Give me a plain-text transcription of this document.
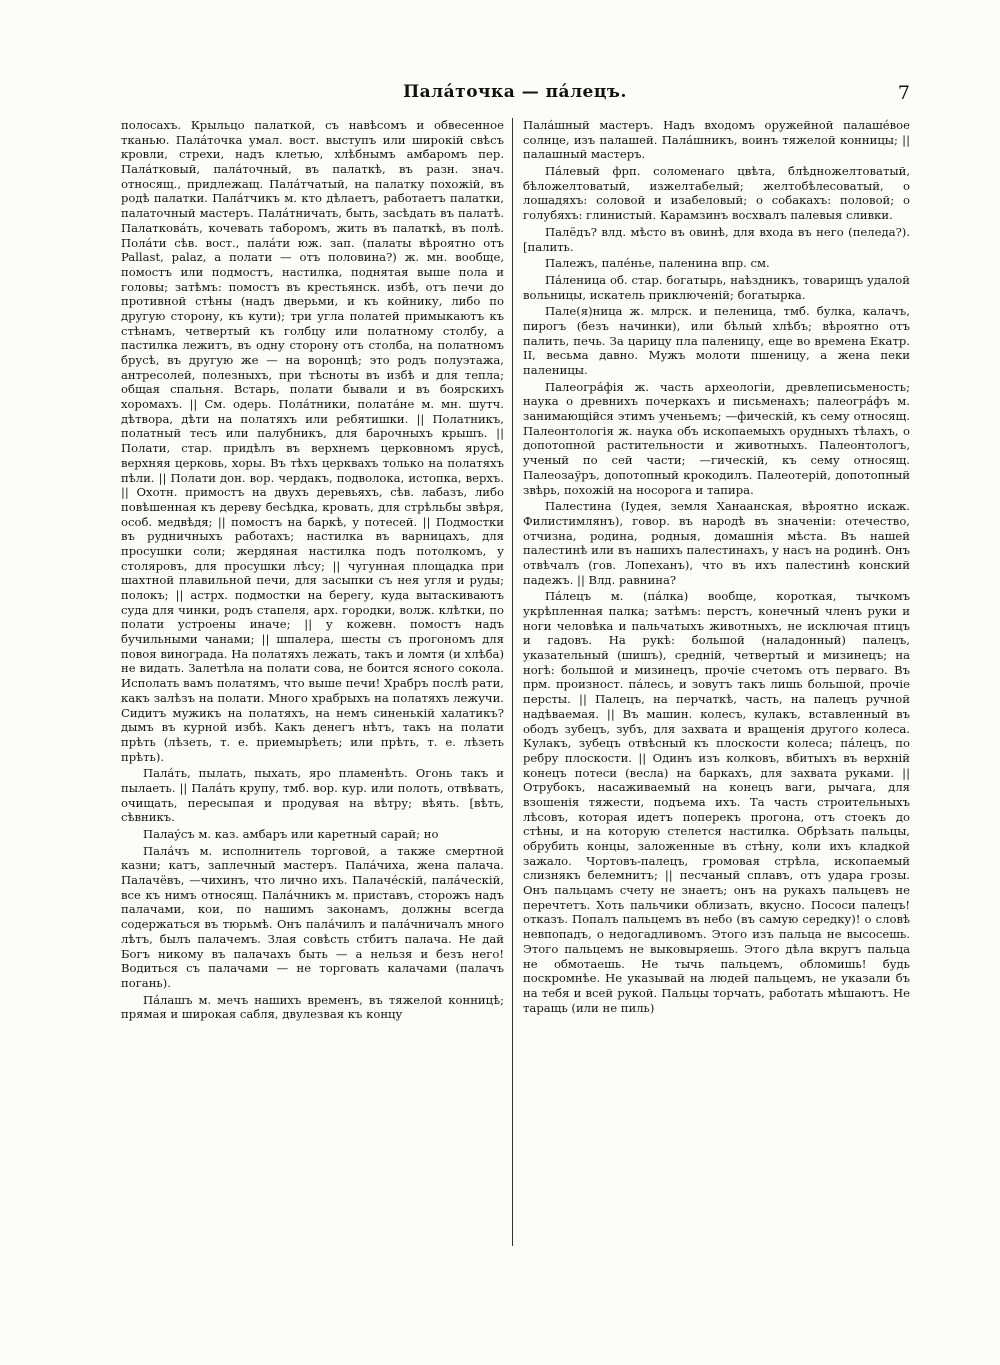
Палáточка — пáлецъ.	7

полосахъ. Крыльцо палаткой, съ навѣсомъ и обвесенное тканью. Палáточка умал. вост. выступъ или широкій свѣсъ кровли, стрехи, надъ клетью, хлѣбнымъ амбаромъ пер. Палáтковый, палáточный, въ палаткѣ, въ разн. знач. относящ., придлежащ. Палáтчатый, на палатку похожій, въ родѣ палатки. Палáтчикъ м. кто дѣлаетъ, работаетъ палатки, палаточный мастеръ. Палáтничать, быть, засѣдать въ палатѣ. Палатковáть, кочевать таборомъ, жить въ палаткѣ, въ полѣ. Полáти сѣв. вост., палáти юж. зап. (палаты вѣроятно отъ Pallast, palaz, а полати — отъ половина?) ж. мн. вообще, помостъ или подмостъ, настилка, поднятая выше пола и головы; затѣмъ: помостъ въ крестьянск. избѣ, отъ печи до противной стѣны (надъ дверьми, и къ койнику, либо по другую сторону, къ кути); три угла полатей примыкаютъ къ стѣнамъ, четвертый къ голбцу или полатному столбу, а пастилка лежитъ, въ одну сторону отъ столба, на полатномъ брусѣ, въ другую же — на воронцѣ; это родъ полуэтажа, антресолей, полезныхъ, при тѣсноты въ избѣ и для тепла; общая спальня. Встарь, полати бывали и въ боярскихъ хоромахъ. || См. одерь. Полáтники, полатáне м. мн. шутч. дѣтвора, дѣти на полатяхъ или ребятишки. || Полатникъ, полатный тесъ или палубникъ, для барочныхъ крышъ. || Полати, стар. придѣлъ въ верхнемъ церковномъ ярусѣ, верхняя церковь, хоры. Въ тѣхъ церквахъ только на полатяхъ пѣли. || Полати дон. вор. чердакъ, подволока, истопка, верхъ. || Охотн. примостъ на двухъ деревьяхъ, сѣв. лабазъ, либо повѣшенная къ дереву бесѣдка, кровать, для стрѣльбы звѣря, особ. медвѣдя; || помостъ на баркѣ, у потесей. || Подмостки въ рудничныхъ работахъ; настилка въ варницахъ, для просушки соли; жердяная настилка подъ потолкомъ, у столяровъ, для просушки лѣсу; || чугунная площадка при шахтной плавильной печи, для засыпки съ нея угля и руды; полокъ; || астрх. подмостки на берегу, куда вытаскиваютъ суда для чинки, родъ стапеля, арх. городки, волж. клѣтки, по полати устроены иначе; || у кожевн. помостъ надъ бучильными чанами; || шпалера, шесты съ прогономъ для повоя винограда. На полатяхъ лежать, такъ и ломтя (и хлѣба) не видать. Залетѣла на полати сова, не боится ясного сокола. Исполать вамъ полатямъ, что выше печи! Храбръ послѣ рати, какъ залѣзъ на полати. Много храбрыхъ на полатяхъ лежучи. Сидитъ мужикъ на полатяхъ, на немъ синенькій халатикъ? дымъ въ курной избѣ. Какъ денегъ нѣтъ, такъ на полати прѣть (лѣзеть, т. е. приемырѣеть; или прѣть, т. е. лѣзеть прѣть).

Палáть, пылать, пыхать, яро пламенѣть. Огонь такъ и пылаеть. || Палáть крупу, тмб. вор. кур. или полоть, отвѣвать, очищать, пересыпая и продувая на вѣтру; вѣять. [вѣть, сѣвникъ.

Палаýсъ м. каз. амбаръ или каретный сарай; но

Палáчъ м. исполнитель торговой, а также смертной казни; катъ, заплечный мастеръ. Палáчиха, жена палача. Палачёвъ, —чихинъ, что лично ихъ. Палачéскій, палáческій, все къ нимъ относящ. Палáчникъ м. приставъ, сторожъ надъ палачами, кои, по нашимъ законамъ, должны всегда содержаться въ тюрьмѣ. Онъ палáчилъ и палáчничалъ много лѣтъ, былъ палачемъ. Злая совѣсть стбитъ палача. Не дай Богъ никому въ палачахъ быть — а нельзя и безъ него! Водиться съ палачами — не торговать калачами (палачъ погань).

Пáлашъ м. мечъ нашихъ временъ, въ тяжелой конницѣ; прямая и широкая сабля, двулезвая къ концу

Палáшный мастеръ. Надъ входомъ оружейной палашéвое солнце, изъ палашей. Палáшникъ, воинъ тяжелой конницы; || палашный мастеръ.

Пáлевый фрп. соломенаго цвѣта, блѣдножелтоватый, бѣложелтоватый, изжелтабелый; желтобѣлесоватый, о лошадяхъ: соловой и изабеловый; о собакахъ: половой; о голубяхъ: глинистый. Карамзинъ восхвалъ палевыя сливки.

Палёдъ? влд. мѣсто въ овинѣ, для входа въ него (пеледа?). [палить.

Палежъ, палéнье, паленина впр. см.

Пáленица об. стар. богатырь, наѣздникъ, товарищъ удалой вольницы, искатель приключеній; богатырка.

Пале(я)ница ж. млрск. и пеленица, тмб. булка, калачъ, пирогъ (безъ начинки), или бѣлый хлѣбъ; вѣроятно отъ палить, печь. За царицу пла паленицу, еще во времена Екатр. II, весьма давно. Мужъ молоти пшеницу, а жена пеки паленицы.

Палеогрáфія ж. часть археологіи, древлеписьменость; наука о древнихъ почеркахъ и письменахъ; палеогрáфъ м. занимающійся этимъ ученьемъ; —фическій, къ сему относящ. Палеонтологія ж. наука объ ископаемыхъ орудныхъ тѣлахъ, о допотопной растительности и животныхъ. Палеонтологъ, ученый по сей части; —гическій, къ сему относящ. Палеозаўръ, допотопный крокодилъ. Палеотерій, допотопный звѣрь, похожій на носорога и тапира.

Палестина (Іудея, земля Ханаанская, вѣроятно искаж. Филистимлянъ), говор. въ народѣ въ значеніи: отечество, отчизна, родина, родныя, домашнія мѣста. Въ нашей палестинѣ или въ нашихъ палестинахъ, у насъ на родинѣ. Онъ отвѣчалъ (гов. Лопеханъ), что въ ихъ палестинѣ конский падежъ. || Влд. равнина?

Пáлецъ м. (пáлка) вообще, короткая, тычкомъ укрѣпленная палка; затѣмъ: перстъ, конечный членъ руки и ноги человѣка и пальчатыхъ животныхъ, не исключая птицъ и гадовъ. На рукѣ: большой (наладонный) палецъ, указательный (шишъ), средній, четвертый и мизинецъ; на ногѣ: большой и мизинецъ, прочіе счетомъ отъ перваго. Въ прм. произност. пáлесь, и зовутъ такъ лишь большой, прочіе персты. || Палецъ, на перчаткѣ, часть, на палецъ ручной надѣваемая. || Въ машин. колесъ, кулакъ, вставленный въ ободъ зубецъ, зубъ, для захвата и вращенія другого колеса. Кулакъ, зубецъ отвѣсный къ плоскости колеса; пáлецъ, по ребру плоскости. || Одинъ изъ колковъ, вбитыхъ въ верхній конецъ потеси (весла) на баркахъ, для захвата руками. || Отрубокъ, насаживаемый на конецъ ваги, рычага, для взошенія тяжести, подъема ихъ. Та часть строительныхъ лѣсовъ, которая идетъ поперекъ прогона, отъ стоекъ до стѣны, и на которую стелется настилка. Обрѣзать пальцы, обрубить концы, заложенные въ стѣну, коли ихъ кладкой зажало. Чортовъ-палецъ, громовая стрѣла, ископаемый слизнякъ белемнитъ; || песчаный сплавъ, отъ удара грозы. Онъ пальцамъ счету не знаетъ; онъ на рукахъ пальцевъ не перечтетъ. Хоть пальчики облизать, вкусно. Пососи палецъ! отказъ. Попалъ пальцемъ въ небо (въ самую середку)! о словѣ невпопадъ, о недогадливомъ. Этого изъ пальца не высосешь. Этого пальцемъ не выковыряешь. Этого дѣла вкругъ пальца не обмотаешь. Не тычь пальцемъ, обломишь! будь поскромнѣе. Не указывай на людей пальцемъ, не указали бъ на тебя и всей рукой. Пальцы торчать, работать мѣшаютъ. Не таращь (или не пиль)
